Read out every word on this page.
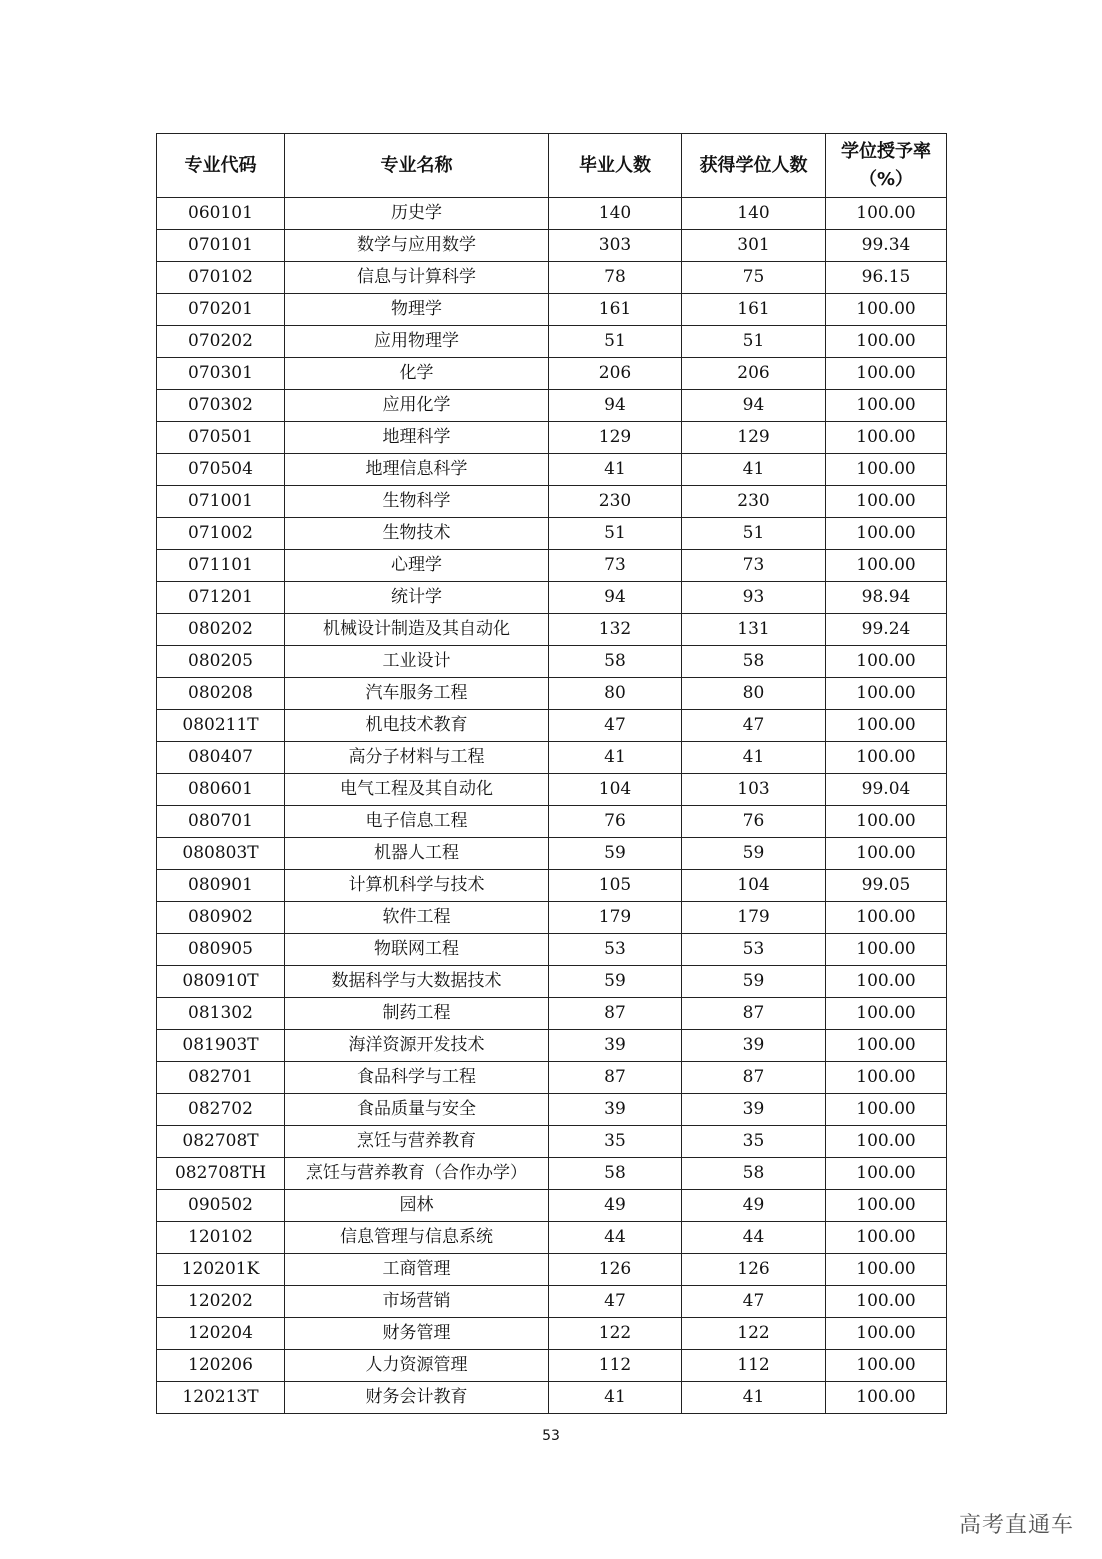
专业代码	专业名称	毕业人数	获得学位人数	学位授予率
（%）

060101	历史学	140	140	100.00
070101	数学与应用数学	303	301	99.34
070102	信息与计算科学	78	75	96.15
070201	物理学	161	161	100.00
070202	应用物理学	51	51	100.00
070301	化学	206	206	100.00
070302	应用化学	94	94	100.00
070501	地理科学	129	129	100.00
070504	地理信息科学	41	41	100.00
071001	生物科学	230	230	100.00
071002	生物技术	51	51	100.00
071101	心理学	73	73	100.00
071201	统计学	94	93	98.94
080202	机械设计制造及其自动化	132	131	99.24
080205	工业设计	58	58	100.00
080208	汽车服务工程	80	80	100.00
080211T	机电技术教育	47	47	100.00
080407	高分子材料与工程	41	41	100.00
080601	电气工程及其自动化	104	103	99.04
080701	电子信息工程	76	76	100.00
080803T	机器人工程	59	59	100.00
080901	计算机科学与技术	105	104	99.05
080902	软件工程	179	179	100.00
080905	物联网工程	53	53	100.00
080910T	数据科学与大数据技术	59	59	100.00
081302	制药工程	87	87	100.00
081903T	海洋资源开发技术	39	39	100.00
082701	食品科学与工程	87	87	100.00
082702	食品质量与安全	39	39	100.00
082708T	烹饪与营养教育	35	35	100.00
082708TH	烹饪与营养教育（合作办学）	58	58	100.00
090502	园林	49	49	100.00
120102	信息管理与信息系统	44	44	100.00
120201K	工商管理	126	126	100.00
120202	市场营销	47	47	100.00
120204	财务管理	122	122	100.00
120206	人力资源管理	112	112	100.00
120213T	财务会计教育	41	41	100.00
53
高考直通车
